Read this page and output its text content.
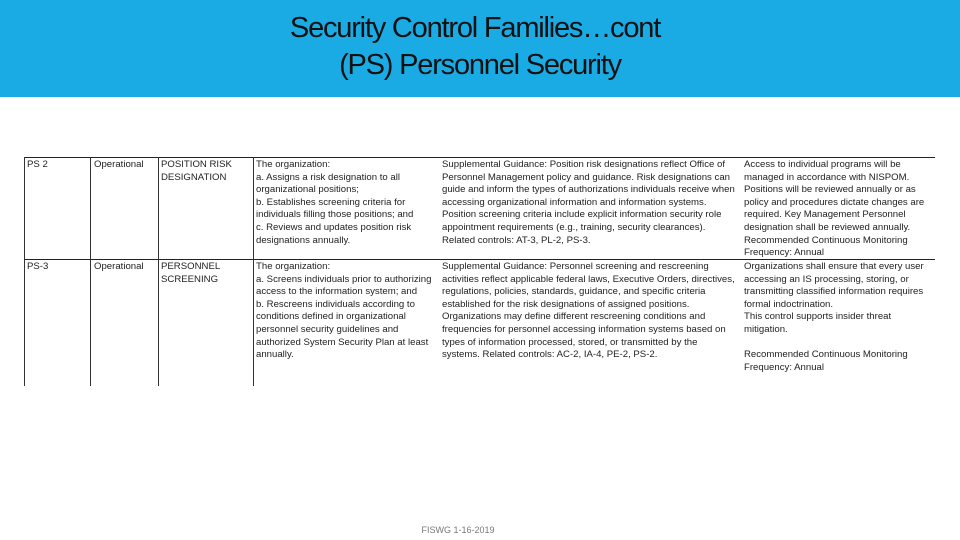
Security Control Families…cont
(PS) Personnel Security
PS 2	Operational POSITION RISK
DESIGNATION
The organization:
a. Assigns a risk designation to all
organizational positions;
b. Establishes screening criteria for
individuals filling those positions; and
c. Reviews and updates position risk
designations annually.
Supplemental Guidance: Position risk designations reflect Office of
Personnel Management policy and guidance. Risk designations can
guide and inform the types of authorizations individuals receive when
accessing organizational information and information systems.
Position screening criteria include explicit information security role
appointment requirements (e.g., training, security clearances).
Related controls: AT-3, PL-2, PS-3.
Access to individual programs will be
managed in accordance with NISPOM.
Positions will be reviewed annually or as
policy and procedures dictate changes are
required. Key Management Personnel
designation shall be reviewed annually.
Recommended Continuous Monitoring
Frequency: Annual
PS-3	Operational PERSONNEL
SCREENING
The organization:
a. Screens individuals prior to authorizing
access to the information system; and
b. Rescreens individuals according to
conditions defined in organizational
personnel security guidelines and
authorized System Security Plan at least
annually.
Supplemental Guidance: Personnel screening and rescreening
activities reflect applicable federal laws, Executive Orders, directives,
regulations, policies, standards, guidance, and specific criteria
established for the risk designations of assigned positions.
Organizations may define different rescreening conditions and
frequencies for personnel accessing information systems based on
types of information processed, stored, or transmitted by the
systems. Related controls: AC-2, IA-4, PE-2, PS-2.
Organizations shall ensure that every user
accessing an IS processing, storing, or
transmitting classified information requires
formal indoctrination.
This control supports insider threat
mitigation.
Recommended Continuous Monitoring
Frequency: Annual
FISWG 1-16-2019
